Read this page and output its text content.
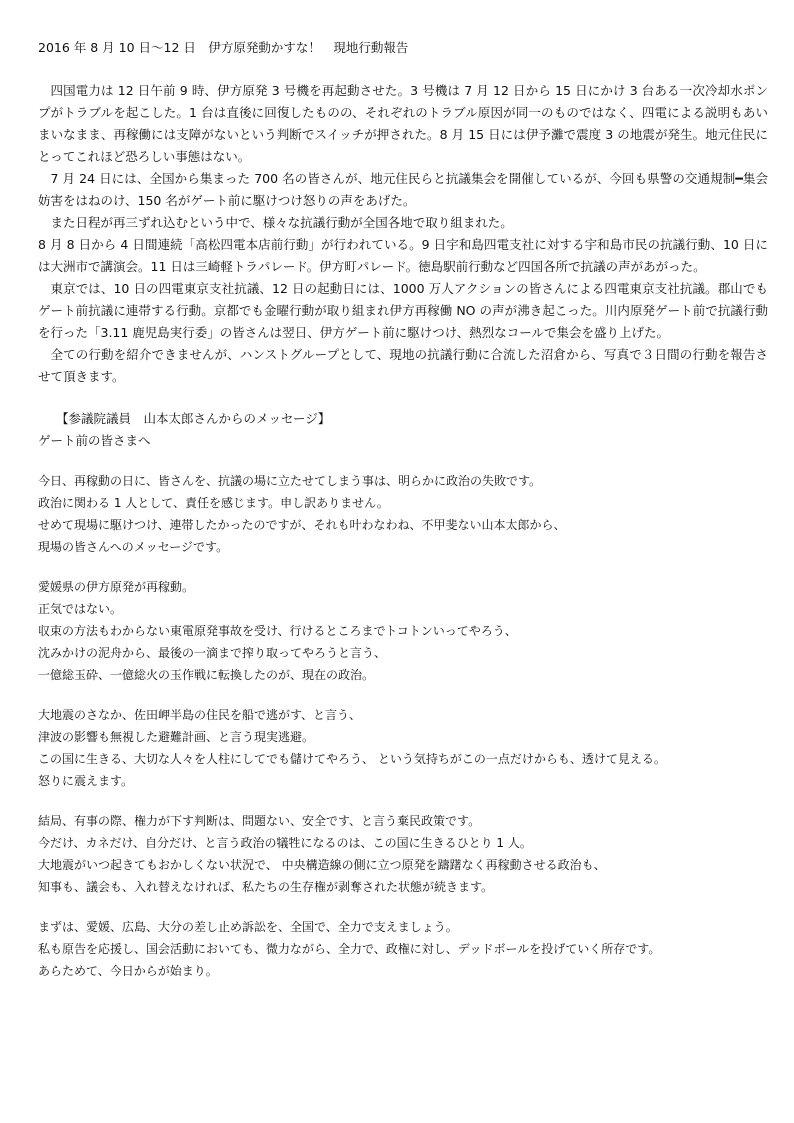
2016 年 8 月 10 日～12 日　伊方原発動かすな！　現地行動報告

四国電力は 12 日午前 9 時、伊方原発 3 号機を再起動させた。3 号機は 7 月 12 日から 15 日にかけ 3 台ある一次冷却水ポンプがトラブルを起こした。1 台は直後に回復したものの、それぞれのトラブル原因が同一のものではなく、四電による説明もあいまいなまま、再稼働には支障がないという判断でスイッチが押された。8 月 15 日には伊予灘で震度 3 の地震が発生。地元住民にとってこれほど恐ろしい事態はない。

7 月 24 日には、全国から集まった 700 名の皆さんが、地元住民らと抗議集会を開催しているが、今回も県警の交通規制━集会妨害をはねのけ、150 名がゲート前に駆けつけ怒りの声をあげた。

また日程が再三ずれ込むという中で、様々な抗議行動が全国各地で取り組まれた。

8 月 8 日から 4 日間連続「高松四電本店前行動」が行われている。9 日宇和島四電支社に対する宇和島市民の抗議行動、10 日には大洲市で講演会。11 日は三崎軽トラパレード。伊方町パレード。徳島駅前行動など四国各所で抗議の声があがった。

東京では、10 日の四電東京支社抗議、12 日の起動日には、1000 万人アクションの皆さんによる四電東京支社抗議。郡山でもゲート前抗議に連帯する行動。京都でも金曜行動が取り組まれ伊方再稼働 NO の声が沸き起こった。川内原発ゲート前で抗議行動を行った「3.11 鹿児島実行委」の皆さんは翌日、伊方ゲート前に駆けつけ、熱烈なコールで集会を盛り上げた。

全ての行動を紹介できませんが、ハンストグループとして、現地の抗議行動に合流した沼倉から、写真で３日間の行動を報告させて頂きます。

【参議院議員　山本太郎さんからのメッセージ】

ゲート前の皆さまへ

今日、再稼動の日に、皆さんを、抗議の場に立たせてしまう事は、明らかに政治の失敗です。
政治に関わる 1 人として、責任を感じます。申し訳ありません。
せめて現場に駆けつけ、連帯したかったのですが、それも叶わなわね、不甲斐ない山本太郎から、
現場の皆さんへのメッセージです。
愛媛県の伊方原発が再稼動。
正気ではない。
収束の方法もわからない東電原発事故を受け、行けるところまでトコトンいってやろう、
沈みかけの泥舟から、最後の一滴まで搾り取ってやろうと言う、
一億総玉砕、一億総火の玉作戦に転換したのが、現在の政治。
大地震のさなか、佐田岬半島の住民を船で逃がす、と言う、
津波の影響も無視した避難計画、と言う現実逃避。
この国に生きる、大切な人々を人柱にしてでも儲けてやろう、 という気持ちがこの一点だけからも、透けて見える。
怒りに震えます。
結局、有事の際、権力が下す判断は、問題ない、安全です、と言う棄民政策です。
今だけ、カネだけ、自分だけ、と言う政治の犠牲になるのは、この国に生きるひとり 1 人。
大地震がいつ起きてもおかしくない状況で、 中央構造線の側に立つ原発を躊躇なく再稼動させる政治も、
知事も、議会も、入れ替えなければ、私たちの生存権が剥奪された状態が続きます。
まずは、愛媛、広島、大分の差し止め訴訟を、全国で、全力で支えましょう。
私も原告を応援し、国会活動においても、微力ながら、全力で、政権に対し、デッドボールを投げていく所存です。
あらためて、今日からが始まり。
